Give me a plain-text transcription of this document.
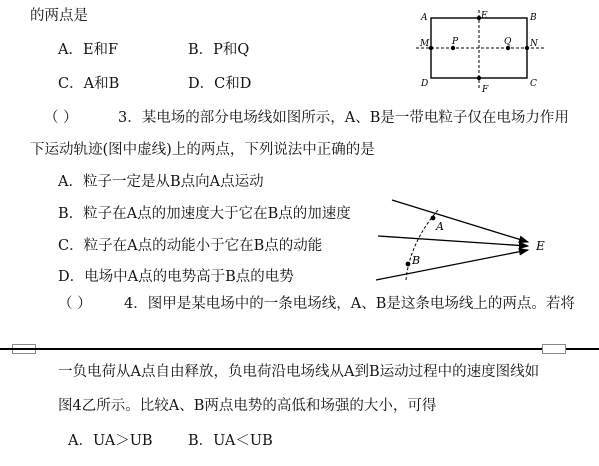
的两点是
A．E和F	B．P和Q
C．A和B	D．C和D
A	E	B
M	P	Q N
D
F
C
（ ）	3．某电场的部分电场线如图所示，A、B是一带电粒子仅在电场力作用
下运动轨迹(图中虚线)上的两点，下列说法中正确的是
A．粒子一定是从B点向A点运动
B．粒子在A点的加速度大于它在B点的加速度
C．粒子在A点的动能小于它在B点的动能
D．电场中A点的电势高于B点的电势
A
B
E
（ ） 4．图甲是某电场中的一条电场线，A、B是这条电场线上的两点。若将
一负电荷从A点自由释放，负电荷沿电场线从A到B运动过程中的速度图线如
图4乙所示。比较A、B两点电势的高低和场强的大小，可得
A．UA＞UB B．UA＜UB
